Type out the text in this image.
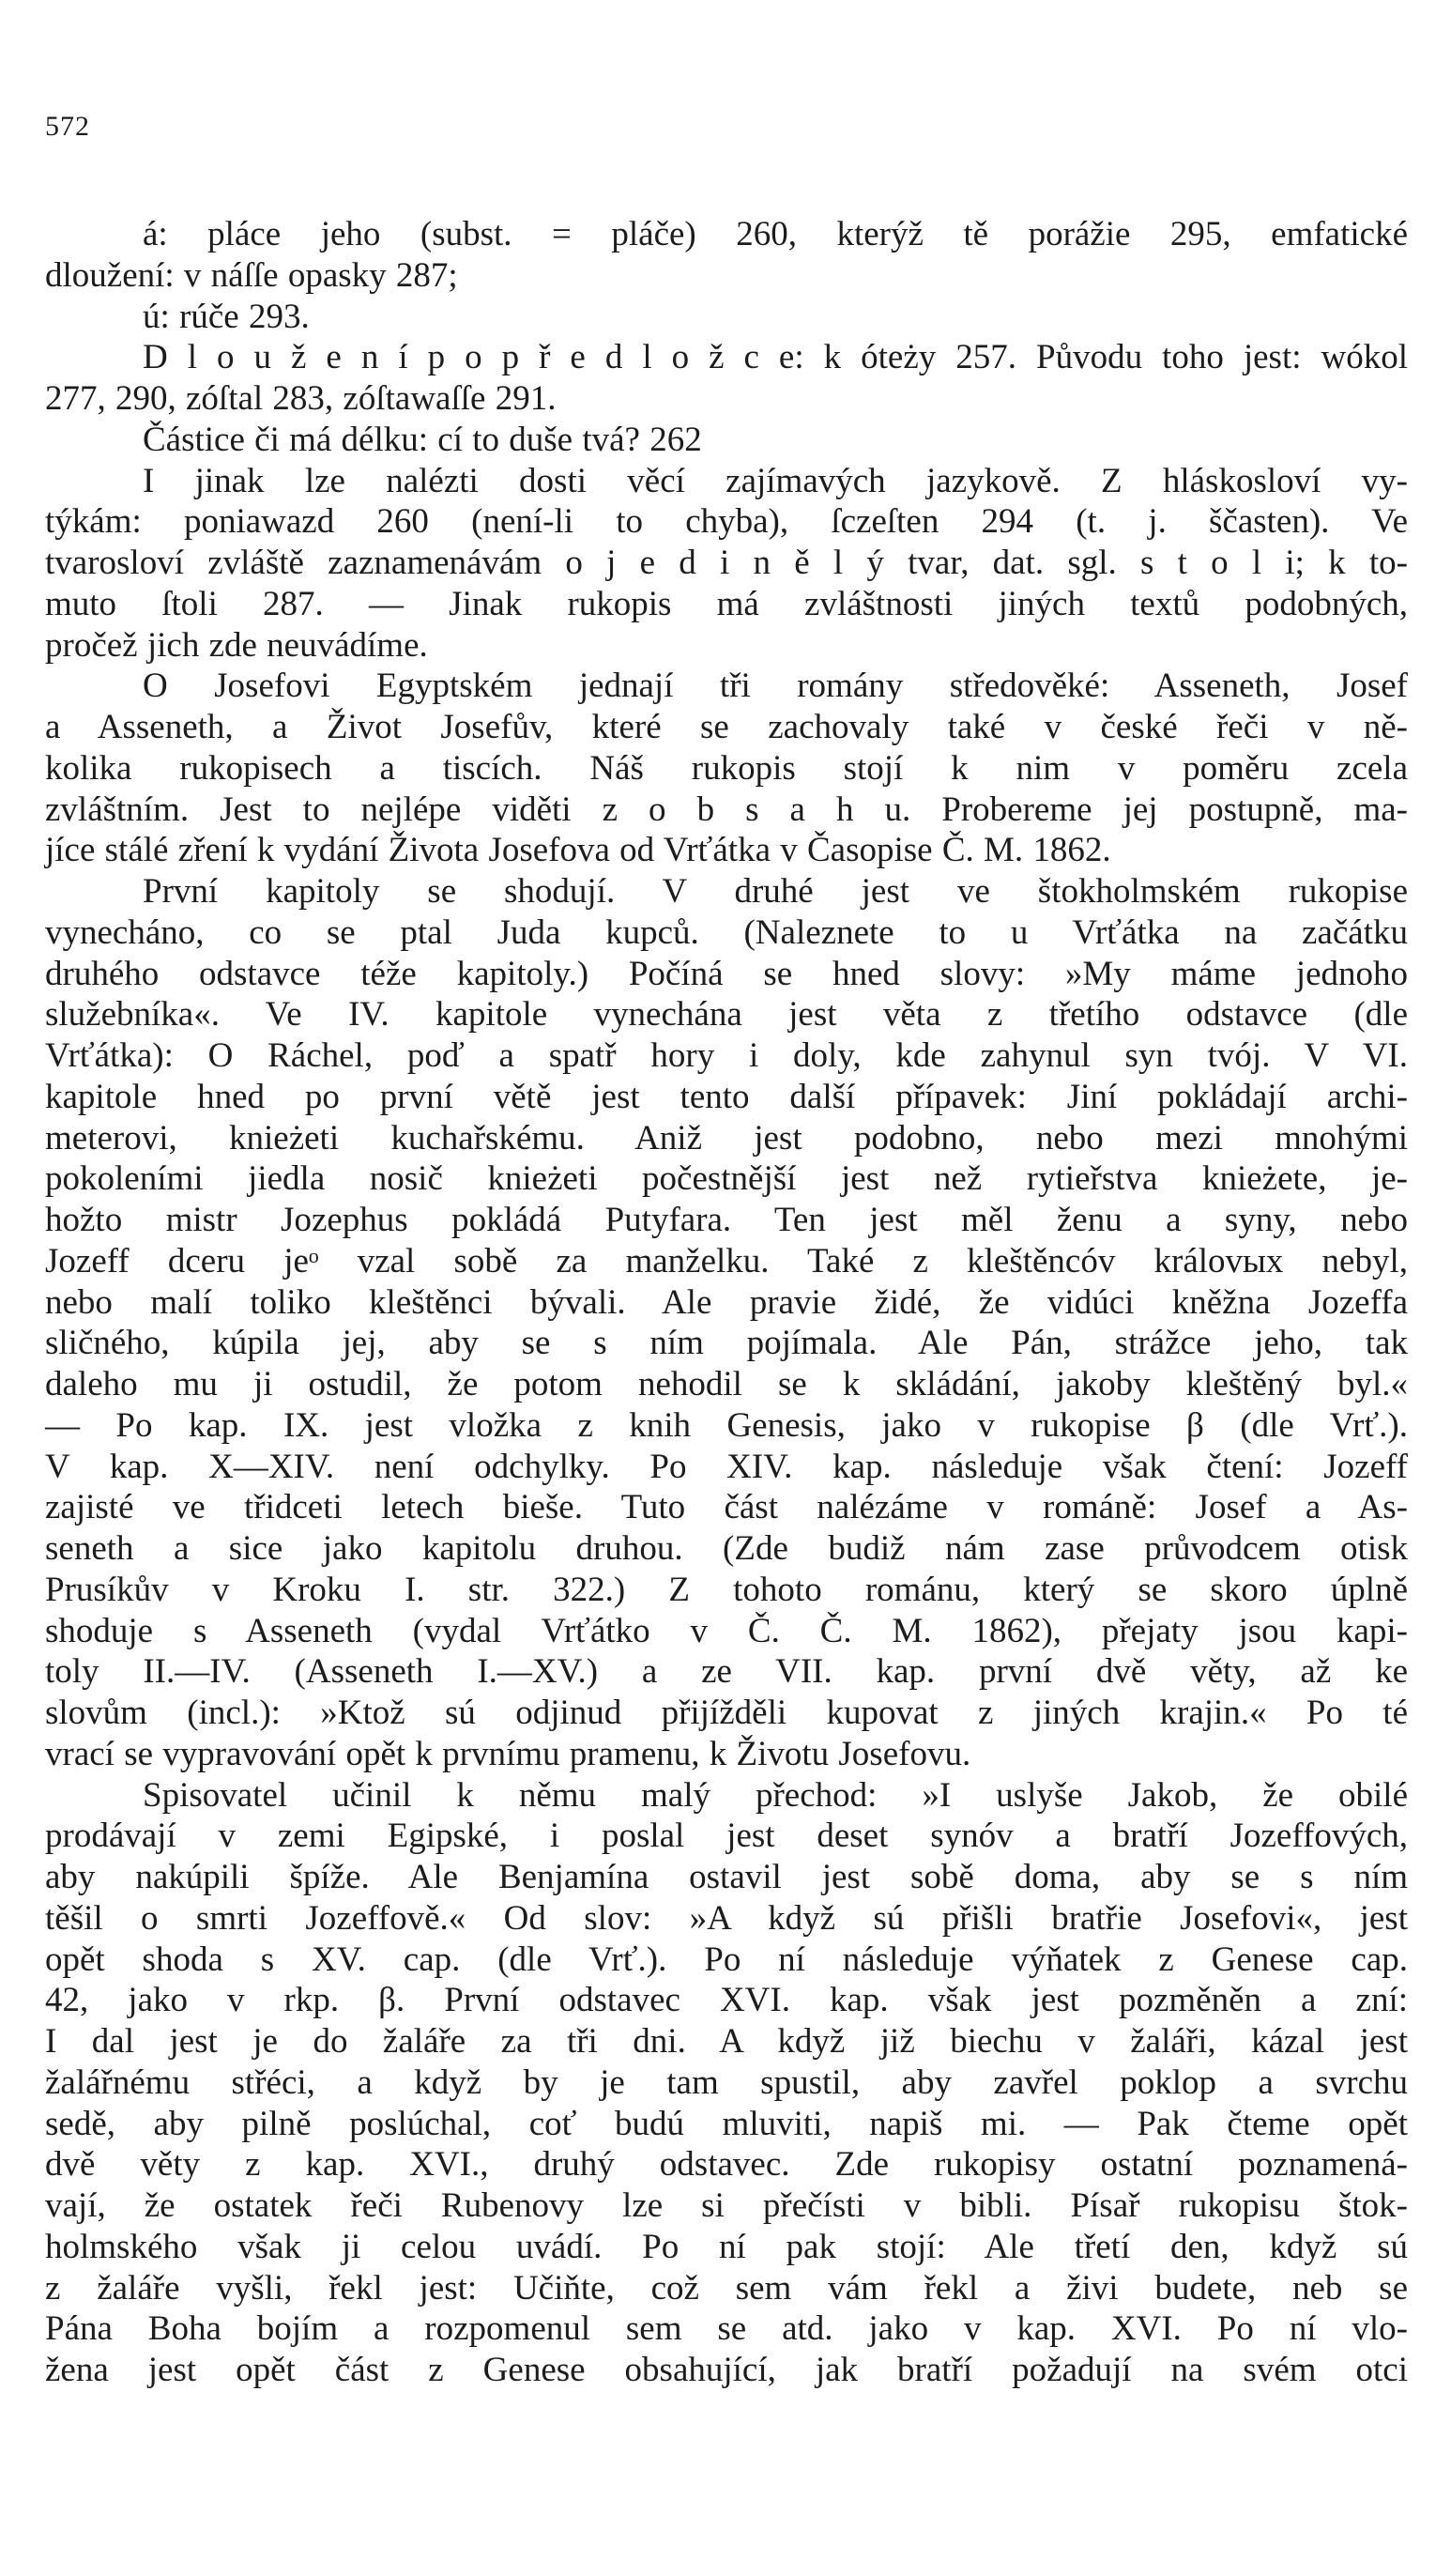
572
á: pláce jeho (subst. = pláče) 260, kterýž tě porážie 295, emfatické
dloužení: v náſſe opasky 287;
ú: rúče 293.
D l o u ž e n í p o p ř e d l o ž c e: k óteży 257. Původu toho jest: wókol
277, 290, zóſtal 283, zóſtawaſſe 291.
Částice či má délku: cí to duše tvá? 262
I jinak lze nalézti dosti věcí zajímavých jazykově. Z hláskosloví vy-
týkám: poniawazd 260 (není-li to chyba), ſczeſten 294 (t. j. ščasten). Ve
tvarosloví zvláště zaznamenávám o j e d i n ě l ý tvar, dat. sgl. s t o l i; k to-
muto ſtoli 287. — Jinak rukopis má zvláštnosti jiných textů podobných,
pročež jich zde neuvádíme.
O Josefovi Egyptském jednají tři romány středověké: Asseneth, Josef
a Asseneth, a Život Josefův, které se zachovaly také v české řeči v ně-
kolika rukopisech a tiscích. Náš rukopis stojí k nim v poměru zcela
zvláštním. Jest to nejlépe viděti z o b s a h u. Probereme jej postupně, ma-
jíce stálé zření k vydání Života Josefova od Vrťátka v Časopise Č. M. 1862.
První kapitoly se shodují. V druhé jest ve štokholmském rukopise
vynecháno, co se ptal Juda kupců. (Naleznete to u Vrťátka na začátku
druhého odstavce téže kapitoly.) Počíná se hned slovy: »My máme jednoho
služebníka«. Ve IV. kapitole vynechána jest věta z třetího odstavce (dle
Vrťátka): O Ráchel, poď a spatř hory i doly, kde zahynul syn tvój. V VI.
kapitole hned po první větě jest tento další přípavek: Jiní pokládají archi-
meterovi, knieżeti kuchařskému. Aniž jest podobno, nebo mezi mnohými
pokoleními jiedla nosič knieżeti počestnější jest než rytieřstva knieżete, je-
hožto mistr Jozephus pokládá Putyfara. Ten jest měl ženu a syny, nebo
Jozeff dceru jeᵒ vzal sobě za manželku. Také z kleštěncóv královых nebyl,
nebo malí toliko kleštěnci bývali. Ale pravie židé, že vidúci kněžna Jozeffa
sličného, kúpila jej, aby se s ním pojímala. Ale Pán, strážce jeho, tak
daleho mu ji ostudil, že potom nehodil se k skládání, jakoby kleštěný byl.«
— Po kap. IX. jest vložka z knih Genesis, jako v rukopise β (dle Vrť.).
V kap. X—XIV. není odchylky. Po XIV. kap. následuje však čtení: Jozeff
zajisté ve třidceti letech bieše. Tuto část nalézáme v románě: Josef a As-
seneth a sice jako kapitolu druhou. (Zde budiž nám zase průvodcem otisk
Prusíkův v Kroku I. str. 322.) Z tohoto románu, který se skoro úplně
shoduje s Asseneth (vydal Vrťátko v Č. Č. M. 1862), přejaty jsou kapi-
toly II.—IV. (Asseneth I.—XV.) a ze VII. kap. první dvě věty, až ke
slovům (incl.): »Ktož sú odjinud přijížděli kupovat z jiných krajin.« Po té
vrací se vypravování opět k prvnímu pramenu, k Životu Josefovu.
Spisovatel učinil k němu malý přechod: »I uslyše Jakob, že obilé
prodávají v zemi Egipské, i poslal jest deset synóv a bratří Jozeffových,
aby nakúpili špíže. Ale Benjamína ostavil jest sobě doma, aby se s ním
těšil o smrti Jozeffově.« Od slov: »A když sú přišli bratřie Josefovi«, jest
opět shoda s XV. cap. (dle Vrť.). Po ní následuje výňatek z Genese cap.
42, jako v rkp. β. První odstavec XVI. kap. však jest pozměněn a zní:
I dal jest je do žaláře za tři dni. A když již biechu v žaláři, kázal jest
žalářnému střéci, a když by je tam spustil, aby zavřel poklop a svrchu
sedě, aby pilně poslúchal, coť budú mluviti, napiš mi. — Pak čteme opět
dvě věty z kap. XVI., druhý odstavec. Zde rukopisy ostatní poznamená-
vají, že ostatek řeči Rubenovy lze si přečísti v bibli. Písař rukopisu štok-
holmského však ji celou uvádí. Po ní pak stojí: Ale třetí den, když sú
z žaláře vyšli, řekl jest: Učiňte, což sem vám řekl a živi budete, neb se
Pána Boha bojím a rozpomenul sem se atd. jako v kap. XVI. Po ní vlo-
žena jest opět část z Genese obsahující, jak bratří požadují na svém otci
